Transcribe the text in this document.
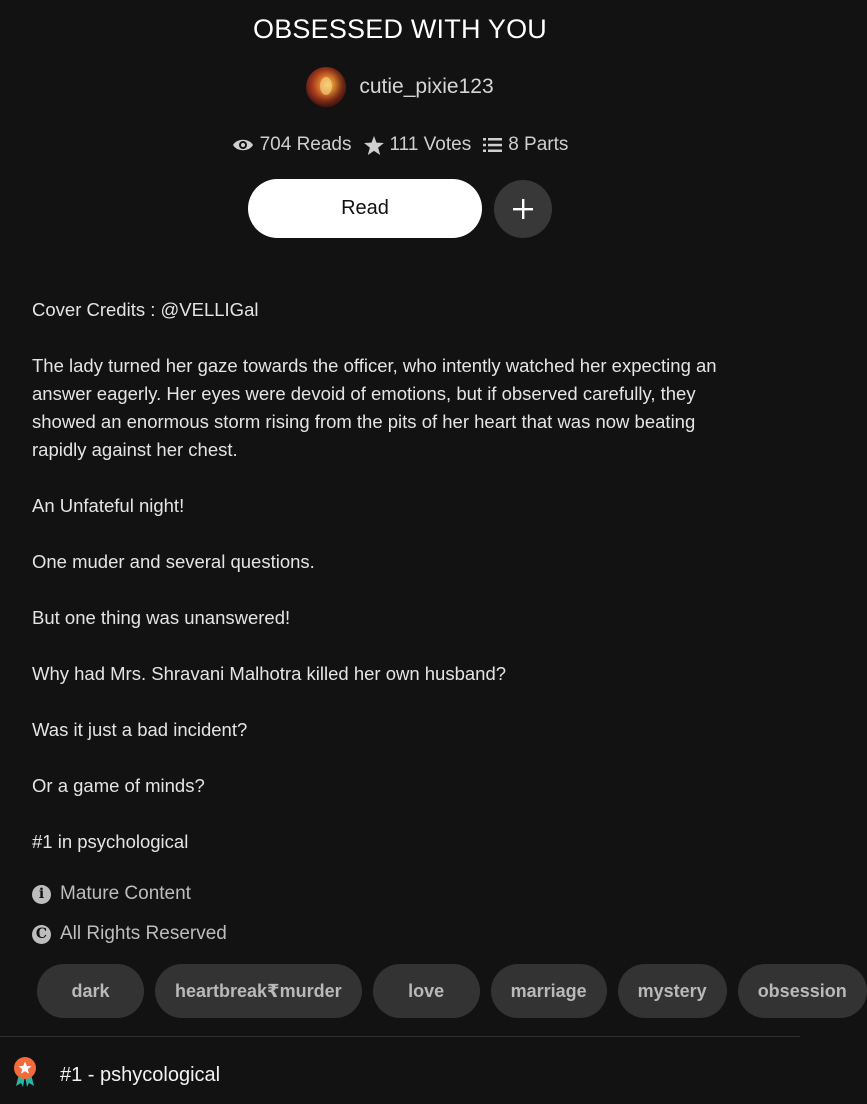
OBSESSED WITH YOU
cutie_pixie123
704 Reads 111 Votes 8 Parts
Read

Cover Credits : @VELLIGal

The lady turned her gaze towards the officer, who intently watched her expecting an answer eagerly. Her eyes were devoid of emotions, but if observed carefully, they showed an enormous storm rising from the pits of her heart that was now beating rapidly against her chest.

An Unfateful night!

One muder and several questions.

But one thing was unanswered!

Why had Mrs. Shravani Malhotra killed her own husband?

Was it just a bad incident?

Or a game of minds?

#1 in psychological

i Mature Content
C All Rights Reserved
dark	heartbreak₹murder	love	marriage	mystery	obsession
#1 - pshycological
